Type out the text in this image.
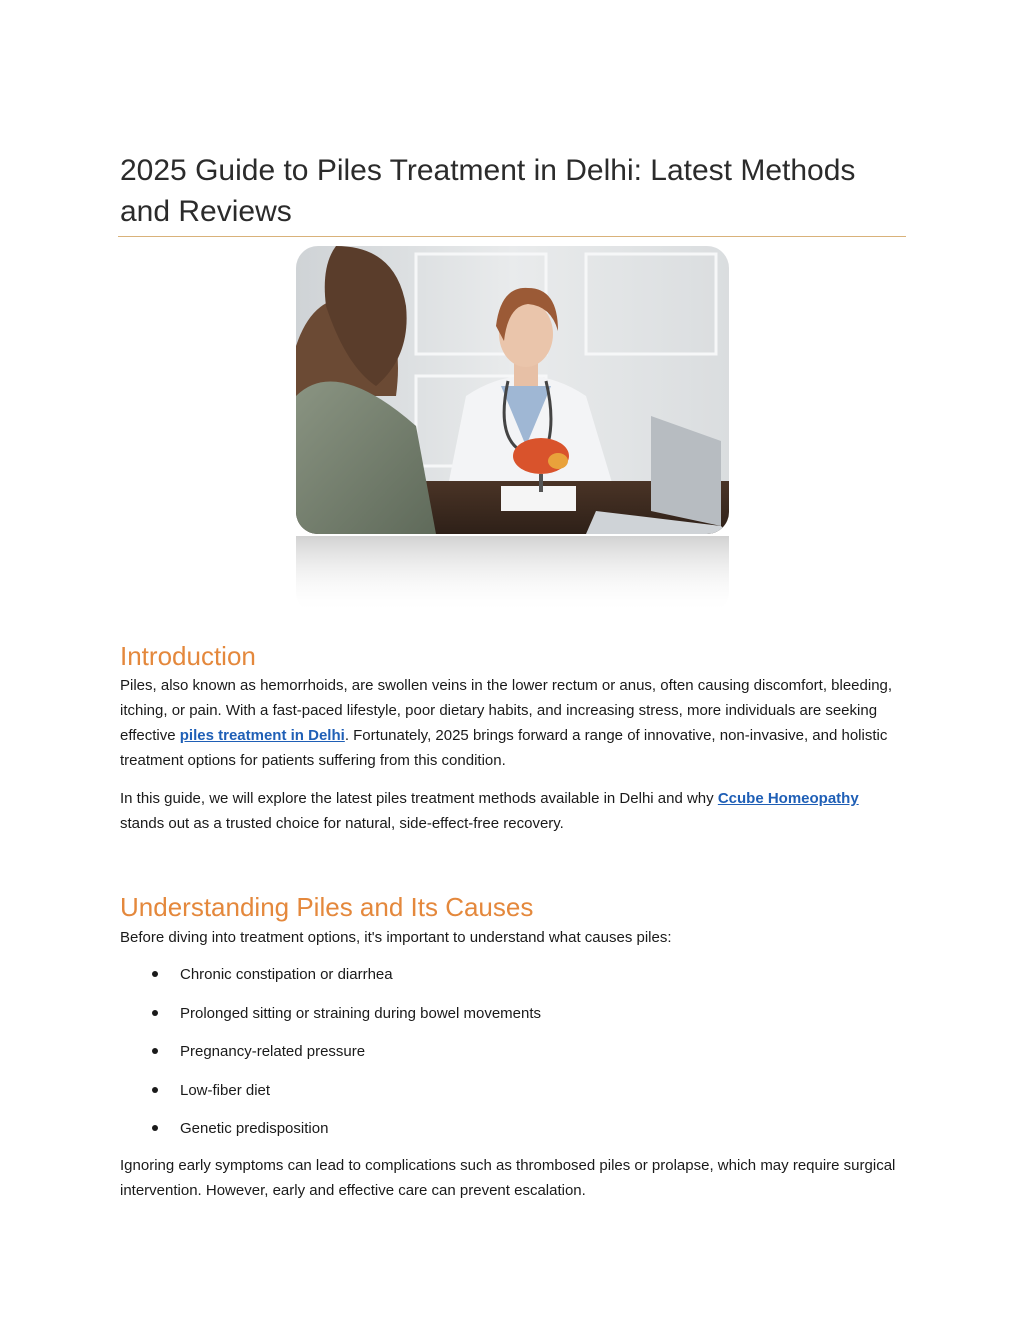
2025 Guide to Piles Treatment in Delhi: Latest Methods and Reviews
Introduction

Piles, also known as hemorrhoids, are swollen veins in the lower rectum or anus, often causing discomfort, bleeding, itching, or pain. With a fast-paced lifestyle, poor dietary habits, and increasing stress, more individuals are seeking effective piles treatment in Delhi. Fortunately, 2025 brings forward a range of innovative, non-invasive, and holistic treatment options for patients suffering from this condition.

In this guide, we will explore the latest piles treatment methods available in Delhi and why Ccube Homeopathy stands out as a trusted choice for natural, side-effect-free recovery.

Understanding Piles and Its Causes

Before diving into treatment options, it's important to understand what causes piles:

Chronic constipation or diarrhea
Prolonged sitting or straining during bowel movements
Pregnancy-related pressure
Low-fiber diet
Genetic predisposition

Ignoring early symptoms can lead to complications such as thrombosed piles or prolapse, which may require surgical intervention. However, early and effective care can prevent escalation.
